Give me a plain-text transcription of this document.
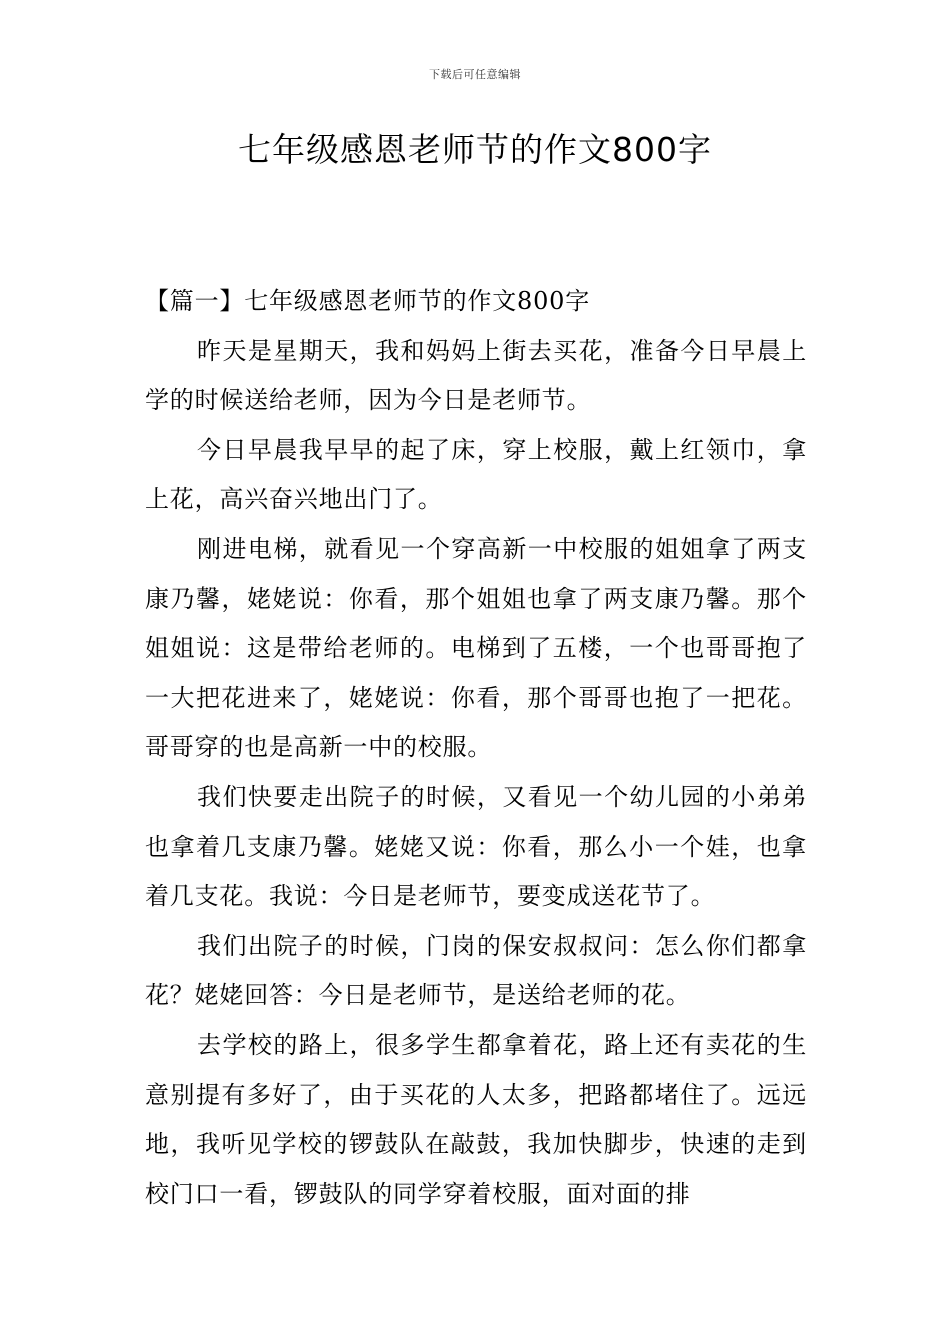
下载后可任意编辑
七年级感恩老师节的作文800字
【篇一】七年级感恩老师节的作文800字

昨天是星期天，我和妈妈上街去买花，准备今日早晨上学的时候送给老师，因为今日是老师节。

今日早晨我早早的起了床，穿上校服，戴上红领巾，拿上花，高兴奋兴地出门了。

刚进电梯，就看见一个穿高新一中校服的姐姐拿了两支康乃馨，姥姥说：你看，那个姐姐也拿了两支康乃馨。那个姐姐说：这是带给老师的。电梯到了五楼，一个也哥哥抱了一大把花进来了，姥姥说：你看，那个哥哥也抱了一把花。哥哥穿的也是高新一中的校服。

我们快要走出院子的时候，又看见一个幼儿园的小弟弟也拿着几支康乃馨。姥姥又说：你看，那么小一个娃，也拿着几支花。我说：今日是老师节，要变成送花节了。

我们出院子的时候，门岗的保安叔叔问：怎么你们都拿花？姥姥回答：今日是老师节，是送给老师的花。

去学校的路上，很多学生都拿着花，路上还有卖花的生意别提有多好了，由于买花的人太多，把路都堵住了。远远地，我听见学校的锣鼓队在敲鼓，我加快脚步，快速的走到校门口一看，锣鼓队的同学穿着校服，面对面的排
